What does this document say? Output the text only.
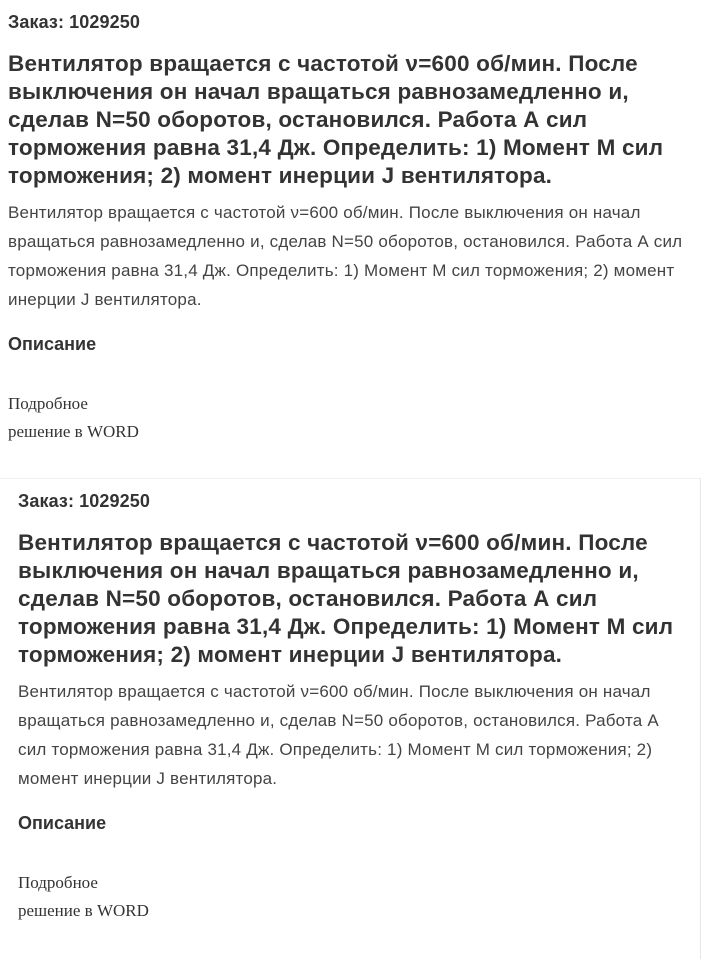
Заказ: 1029250

Вентилятор вращается с частотой ν=600 об/мин. После выключения он начал вращаться равнозамедленно и, сделав N=50 оборотов, остановился. Работа А сил торможения равна 31,4 Дж. Определить: 1) Момент М сил торможения; 2) момент инерции J вентилятора.

Вентилятор вращается с частотой ν=600 об/мин. После выключения он начал вращаться равнозамедленно и, сделав N=50 оборотов, остановился. Работа А сил торможения равна 31,4 Дж. Определить: 1) Момент М сил торможения; 2) момент инерции J вентилятора.

Описание

Подробное
решение в WORD

Заказ: 1029250

Вентилятор вращается с частотой ν=600 об/мин. После выключения он начал вращаться равнозамедленно и, сделав N=50 оборотов, остановился. Работа А сил торможения равна 31,4 Дж. Определить: 1) Момент М сил торможения; 2) момент инерции J вентилятора.

Вентилятор вращается с частотой ν=600 об/мин. После выключения он начал вращаться равнозамедленно и, сделав N=50 оборотов, остановился. Работа А сил торможения равна 31,4 Дж. Определить: 1) Момент М сил торможения; 2) момент инерции J вентилятора.

Описание

Подробное
решение в WORD
